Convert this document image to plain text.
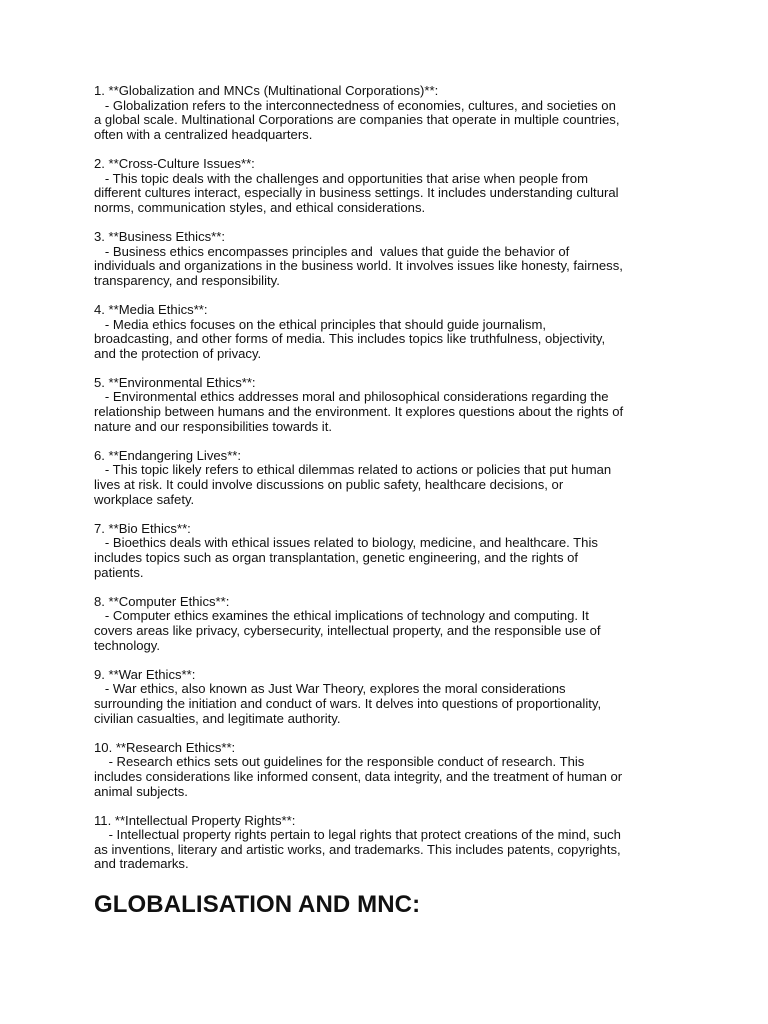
1. **Globalization and MNCs (Multinational Corporations)**:
- Globalization refers to the interconnectedness of economies, cultures, and societies on
a global scale. Multinational Corporations are companies that operate in multiple countries,
often with a centralized headquarters.
2. **Cross-Culture Issues**:
- This topic deals with the challenges and opportunities that arise when people from
different cultures interact, especially in business settings. It includes understanding cultural
norms, communication styles, and ethical considerations.
3. **Business Ethics**:
- Business ethics encompasses principles and  values that guide the behavior of
individuals and organizations in the business world. It involves issues like honesty, fairness,
transparency, and responsibility.
4. **Media Ethics**:
- Media ethics focuses on the ethical principles that should guide journalism,
broadcasting, and other forms of media. This includes topics like truthfulness, objectivity,
and the protection of privacy.
5. **Environmental Ethics**:
- Environmental ethics addresses moral and philosophical considerations regarding the
relationship between humans and the environment. It explores questions about the rights of
nature and our responsibilities towards it.
6. **Endangering Lives**:
- This topic likely refers to ethical dilemmas related to actions or policies that put human
lives at risk. It could involve discussions on public safety, healthcare decisions, or
workplace safety.
7. **Bio Ethics**:
- Bioethics deals with ethical issues related to biology, medicine, and healthcare. This
includes topics such as organ transplantation, genetic engineering, and the rights of
patients.
8. **Computer Ethics**:
- Computer ethics examines the ethical implications of technology and computing. It
covers areas like privacy, cybersecurity, intellectual property, and the responsible use of
technology.
9. **War Ethics**:
- War ethics, also known as Just War Theory, explores the moral considerations
surrounding the initiation and conduct of wars. It delves into questions of proportionality,
civilian casualties, and legitimate authority.
10. **Research Ethics**:
- Research ethics sets out guidelines for the responsible conduct of research. This
includes considerations like informed consent, data integrity, and the treatment of human or
animal subjects.
11. **Intellectual Property Rights**:
- Intellectual property rights pertain to legal rights that protect creations of the mind, such
as inventions, literary and artistic works, and trademarks. This includes patents, copyrights,
and trademarks.
GLOBALISATION AND MNC:
